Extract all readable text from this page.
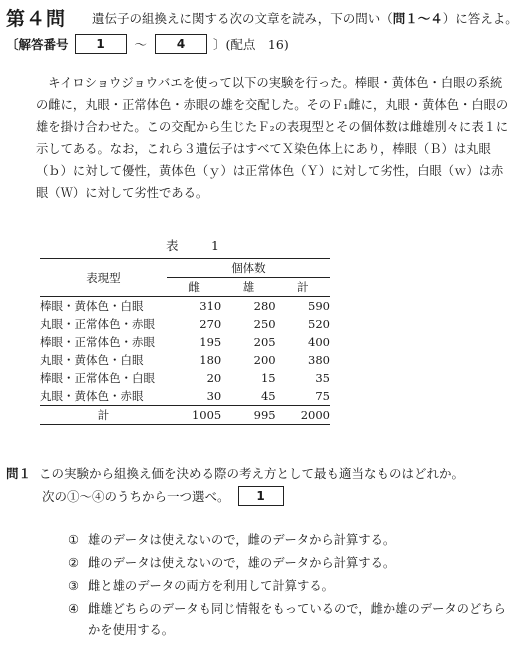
第４問 遺伝子の組換えに関する次の文章を読み，下の問い（問１～４）に答えよ。
〔解答番号	1	～	4	〕(配点　16)

キイロショウジョウバエを使って以下の実験を行った。棒眼・黄体色・白眼の系統の雌に，丸眼・正常体色・赤眼の雄を交配した。そのＦ₁雌に，丸眼・黄体色・白眼の雄を掛け合わせた。この交配から生じたＦ₂の表現型とその個体数は雌雄別々に表１に示してある。なお，これら３遺伝子はすべてＸ染色体上にあり，棒眼（Ｂ）は丸眼（ｂ）に対して優性，黄体色（ｙ）は正常体色（Ｙ）に対して劣性，白眼（ｗ）は赤眼（Ｗ）に対して劣性である。

表　1
表現型	個体数		
	雌	雄	計
棒眼・黄体色・白眼	310	280	590
丸眼・正常体色・赤眼	270	250	520
棒眼・正常体色・赤眼	195	205	400
丸眼・黄体色・白眼	180	200	380
棒眼・正常体色・白眼	20	15	35
丸眼・黄体色・赤眼	30	45	75
計	1005	995	2000
問１ この実験から組換え価を決める際の考え方として最も適当なものはどれか。
次の①～④のうちから一つ選べ。	1
① 雄のデータは使えないので，雌のデータから計算する。
② 雌のデータは使えないので，雄のデータから計算する。
③ 雌と雄のデータの両方を利用して計算する。
④ 雌雄どちらのデータも同じ情報をもっているので，雌か雄のデータのどちらかを使用する。
